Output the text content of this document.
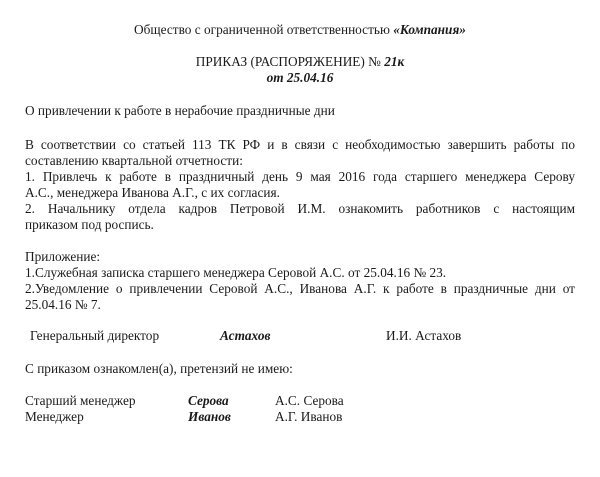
Общество с ограниченной ответственностью «Компания»
ПРИКАЗ (РАСПОРЯЖЕНИЕ) № 21к
от 25.04.16
О привлечении к работе в нерабочие праздничные дни
В соответствии со статьей 113 ТК РФ и в связи с необходимостью завершить работы по
составлению квартальной отчетности:
1. Привлечь к работе в праздничный день 9 мая 2016 года старшего менеджера Серову
А.С., менеджера Иванова А.Г., с их согласия.
2. Начальнику отдела кадров Петровой И.М. ознакомить работников с настоящим
приказом под роспись.
Приложение:
1.Служебная записка старшего менеджера Серовой А.С. от 25.04.16 № 23.
2.Уведомление о привлечении Серовой А.С., Иванова А.Г. к работе в праздничные дни от
25.04.16 № 7.
Генеральный директор	Астахов	И.И. Астахов
С приказом ознакомлен(а), претензий не имею:
Старший менеджер	Серова	А.С. Серова
Менеджер	Иванов	А.Г. Иванов
